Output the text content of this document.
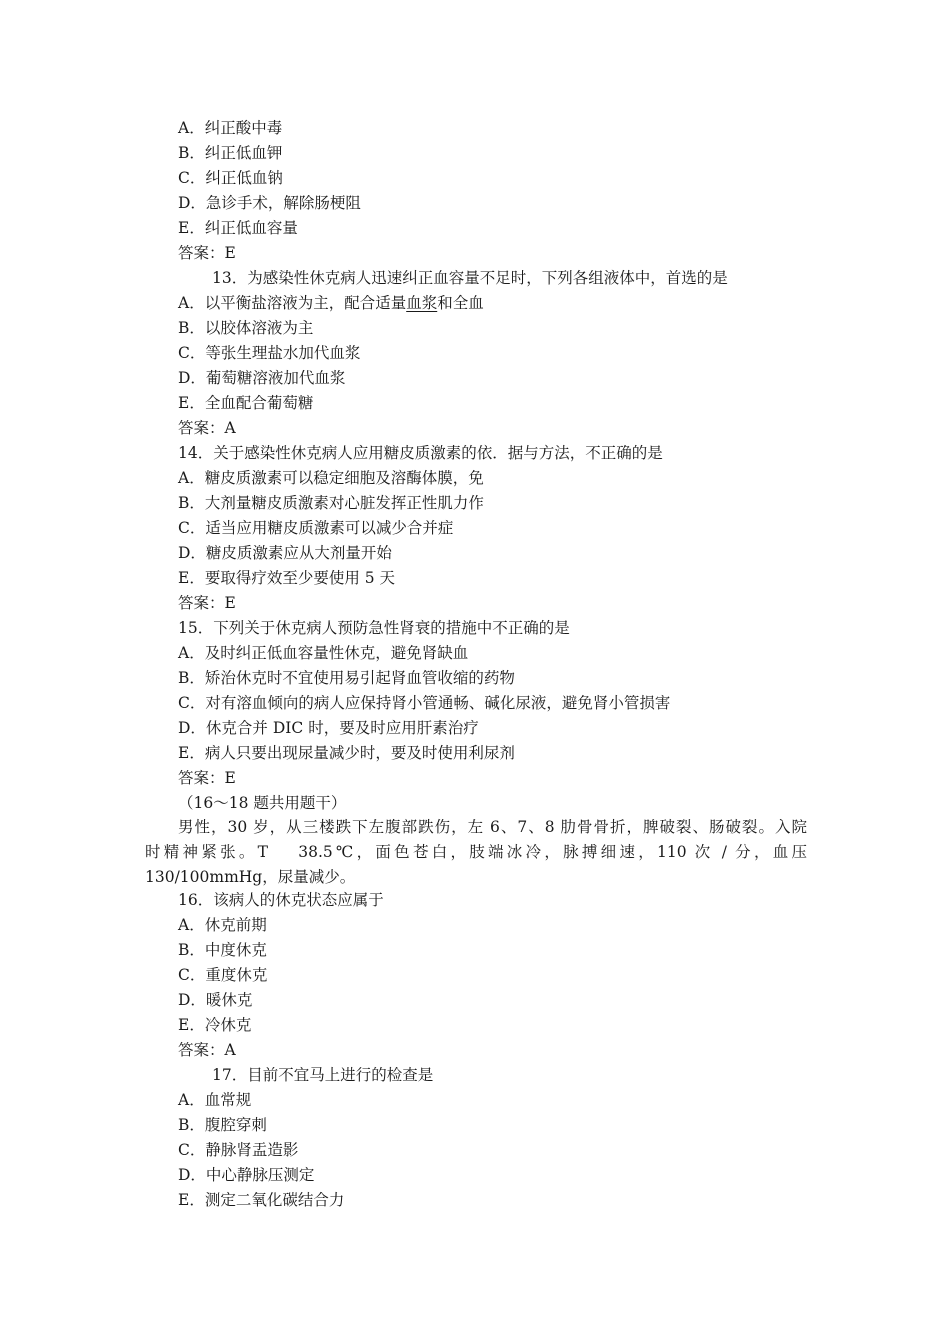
A．纠正酸中毒
B．纠正低血钾
C．纠正低血钠
D．急诊手术，解除肠梗阻
E．纠正低血容量
答案：E
13．为感染性休克病人迅速纠正血容量不足时，下列各组液体中，首选的是
A．以平衡盐溶液为主，配合适量血浆和全血
B．以胶体溶液为主
C．等张生理盐水加代血浆
D．葡萄糖溶液加代血浆
E．全血配合葡萄糖
答案：A
14．关于感染性休克病人应用糖皮质激素的依．据与方法，不正确的是
A．糖皮质激素可以稳定细胞及溶酶体膜，免
B．大剂量糖皮质激素对心脏发挥正性肌力作
C．适当应用糖皮质激素可以减少合并症
D．糖皮质激素应从大剂量开始
E．要取得疗效至少要使用 5 天
答案：E
15．下列关于休克病人预防急性肾衰的措施中不正确的是
A．及时纠正低血容量性休克，避免肾缺血
B．矫治休克时不宜使用易引起肾血管收缩的药物
C．对有溶血倾向的病人应保持肾小管通畅、碱化尿液，避免肾小管损害
D．休克合并 DIC 时，要及时应用肝素治疗
E．病人只要出现尿量减少时，要及时使用利尿剂
答案：E
（16～18 题共用题干）
男性，30 岁，从三楼跌下左腹部跌伤，左 6、7、8 肋骨骨折，脾破裂、肠破裂。入院
时精神紧张。T　 38.5℃，面色苍白，肢端冰冷，脉搏细速，110 次 / 分，血压
130/100mmHg，尿量减少。
16．该病人的休克状态应属于
A．休克前期
B．中度休克
C．重度休克
D．暖休克
E．冷休克
答案：A
17．目前不宜马上进行的检查是
A．血常规
B．腹腔穿刺
C．静脉肾盂造影
D．中心静脉压测定
E．测定二氧化碳结合力
